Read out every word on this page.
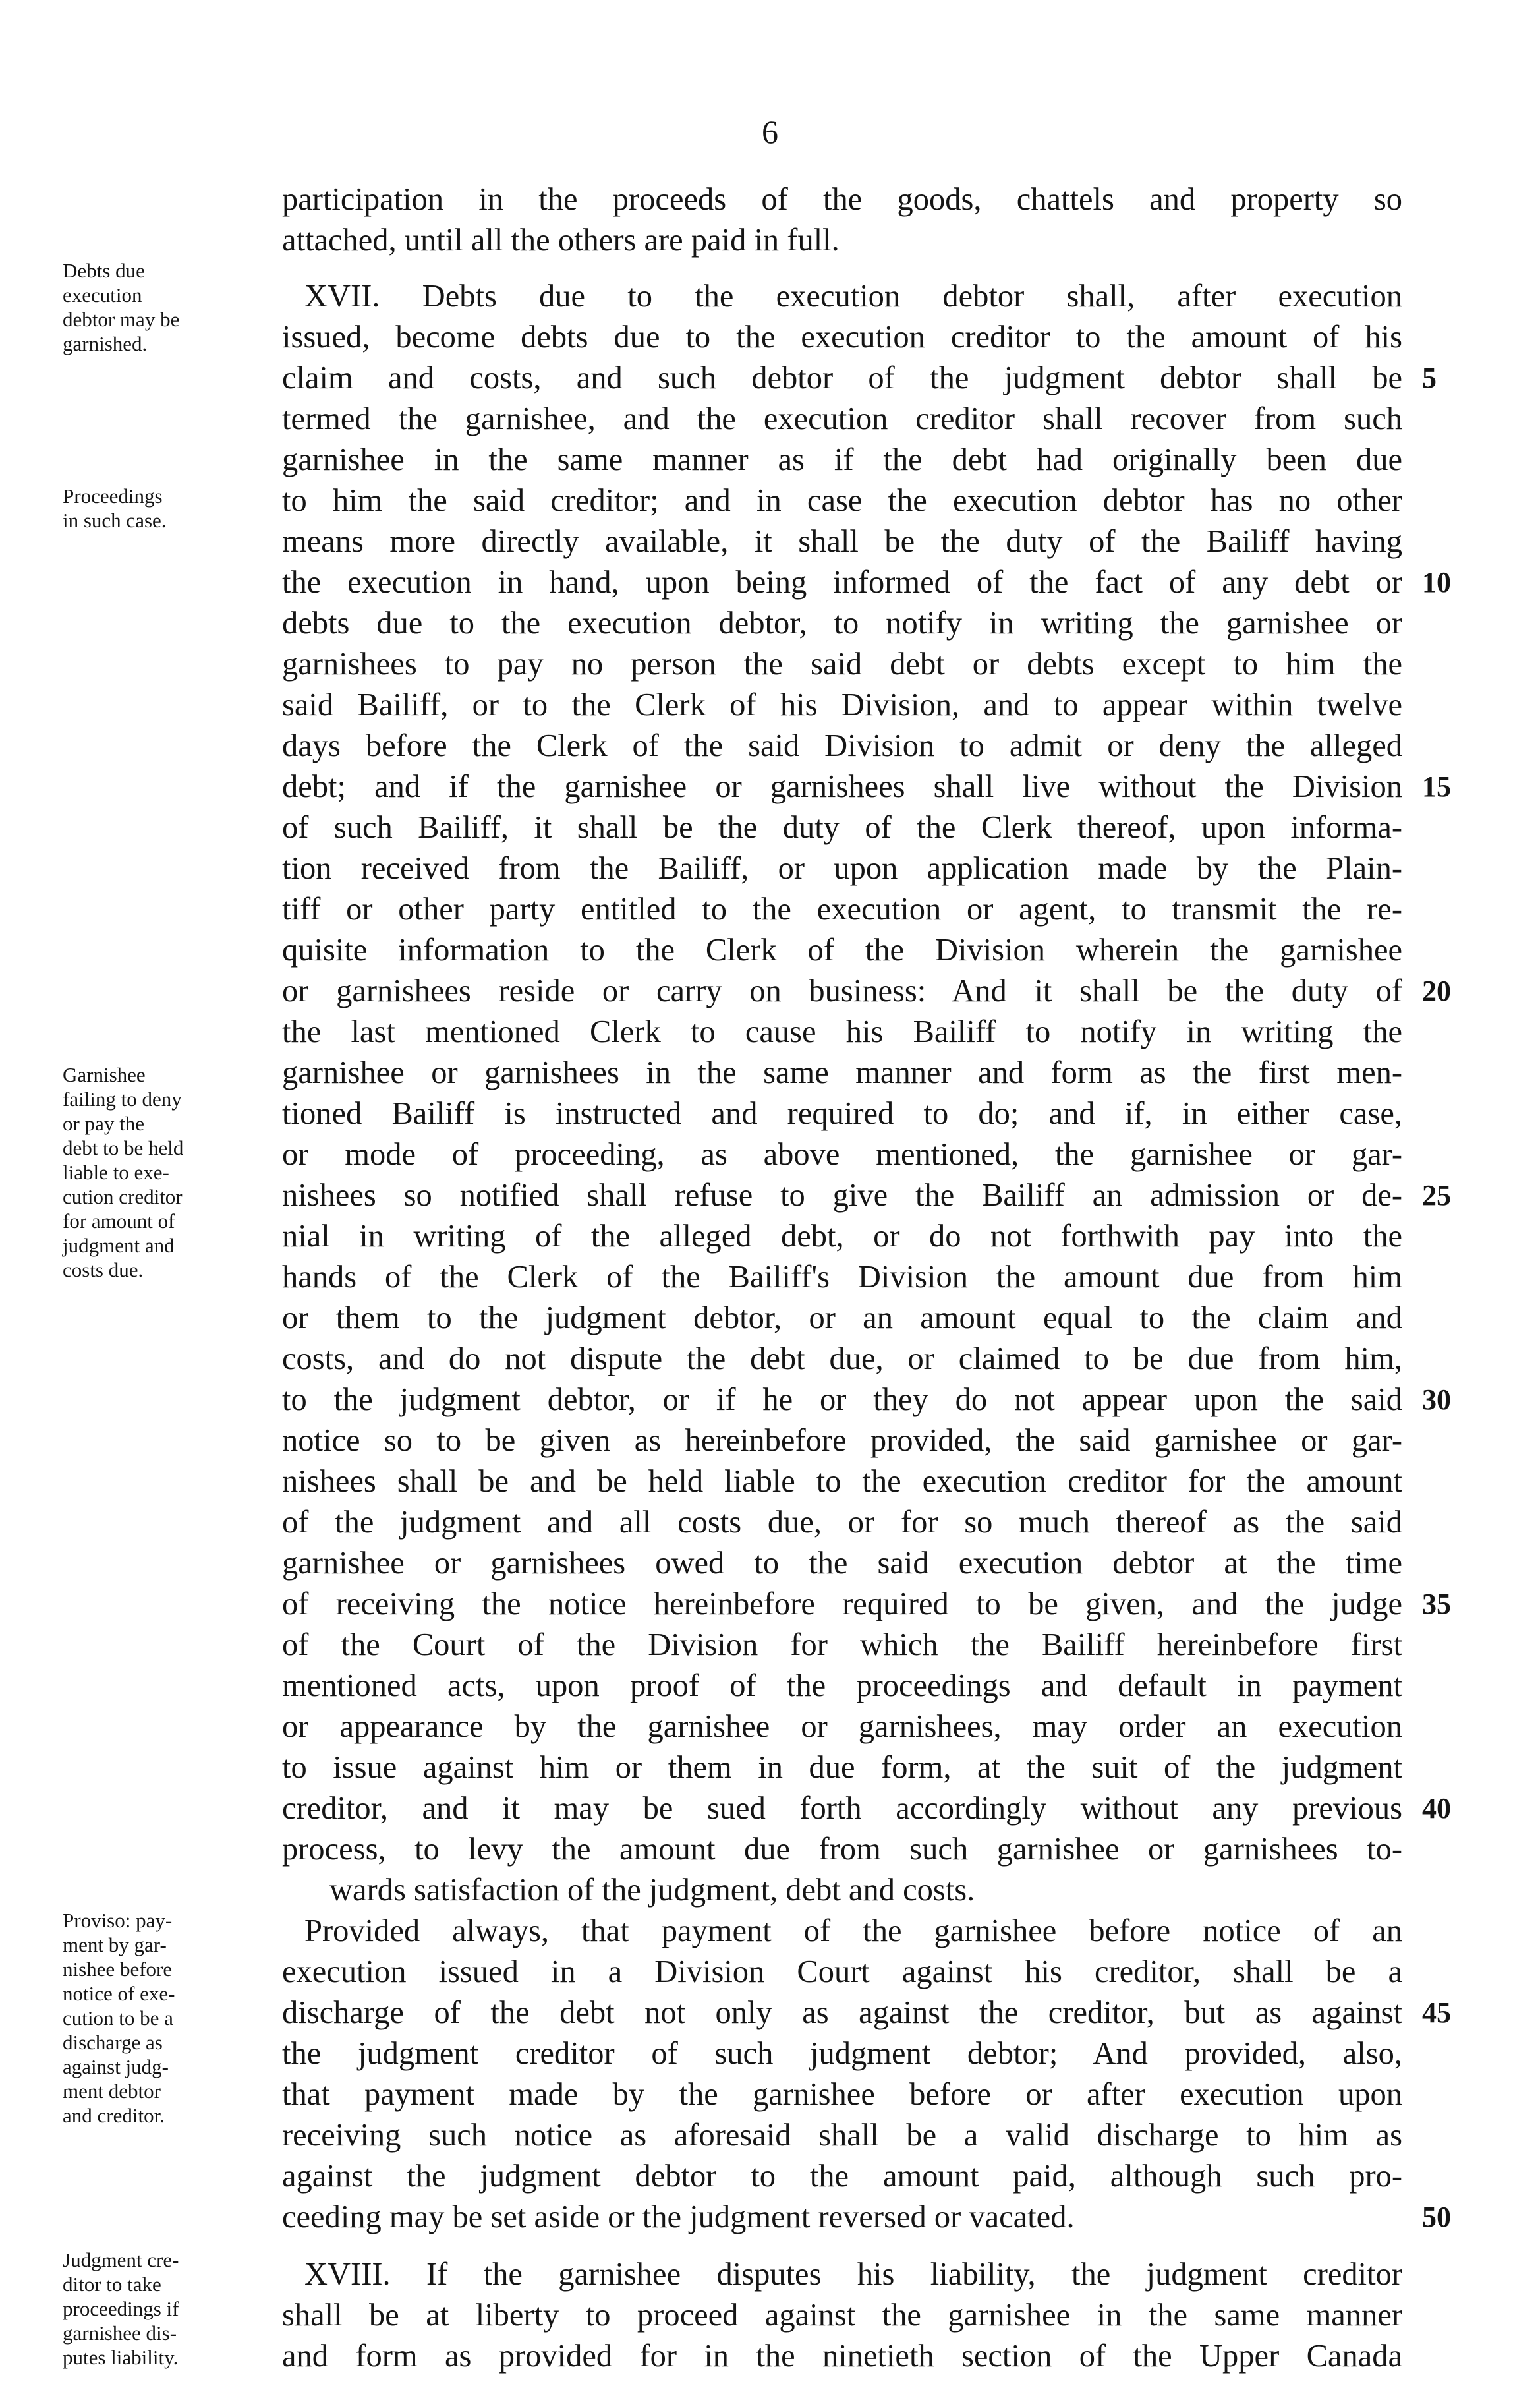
6
participation in the proceeds of the goods, chattels and property so
attached, until all the others are paid in full.
XVII. Debts due to the execution debtor shall, after execution
issued, become debts due to the execution creditor to the amount of his
claim and costs, and such debtor of the judgment debtor shall be
termed the garnishee, and the execution creditor shall recover from such
garnishee in the same manner as if the debt had originally been due
to him the said creditor; and in case the execution debtor has no other
means more directly available, it shall be the duty of the Bailiff having
the execution in hand, upon being informed of the fact of any debt or
debts due to the execution debtor, to notify in writing the garnishee or
garnishees to pay no person the said debt or debts except to him the
said Bailiff, or to the Clerk of his Division, and to appear within twelve
days before the Clerk of the said Division to admit or deny the alleged
debt; and if the garnishee or garnishees shall live without the Division
of such Bailiff, it shall be the duty of the Clerk thereof, upon informa-
tion received from the Bailiff, or upon application made by the Plain-
tiff or other party entitled to the execution or agent, to transmit the re-
quisite information to the Clerk of the Division wherein the garnishee
or garnishees reside or carry on business: And it shall be the duty of
the last mentioned Clerk to cause his Bailiff to notify in writing the
garnishee or garnishees in the same manner and form as the first men-
tioned Bailiff is instructed and required to do; and if, in either case,
or mode of proceeding, as above mentioned, the garnishee or gar-
nishees so notified shall refuse to give the Bailiff an admission or de-
nial in writing of the alleged debt, or do not forthwith pay into the
hands of the Clerk of the Bailiff's Division the amount due from him
or them to the judgment debtor, or an amount equal to the claim and
costs, and do not dispute the debt due, or claimed to be due from him,
to the judgment debtor, or if he or they do not appear upon the said
notice so to be given as hereinbefore provided, the said garnishee or gar-
nishees shall be and be held liable to the execution creditor for the amount
of the judgment and all costs due, or for so much thereof as the said
garnishee or garnishees owed to the said execution debtor at the time
of receiving the notice hereinbefore required to be given, and the judge
of the Court of the Division for which the Bailiff hereinbefore first
mentioned acts, upon proof of the proceedings and default in payment
or appearance by the garnishee or garnishees, may order an execution
to issue against him or them in due form, at the suit of the judgment
creditor, and it may be sued forth accordingly without any previous
process, to levy the amount due from such garnishee or garnishees to-
wards satisfaction of the judgment, debt and costs.
Provided always, that payment of the garnishee before notice of an
execution issued in a Division Court against his creditor, shall be a
discharge of the debt not only as against the creditor, but as against
the judgment creditor of such judgment debtor; And provided, also,
that payment made by the garnishee before or after execution upon
receiving such notice as aforesaid shall be a valid discharge to him as
against the judgment debtor to the amount paid, although such pro-
ceeding may be set aside or the judgment reversed or vacated.
XVIII. If the garnishee disputes his liability, the judgment creditor
shall be at liberty to proceed against the garnishee in the same manner
and form as provided for in the ninetieth section of the Upper Canada
5
10
15
20
25
30
35
40
45
50
Debts due
execution
debtor may be
garnished.
Proceedings
in such case.
Garnishee
failing to deny
or pay the
debt to be held
liable to exe-
cution creditor
for amount of
judgment and
costs due.
Proviso: pay-
ment by gar-
nishee before
notice of exe-
cution to be a
discharge as
against judg-
ment debtor
and creditor.
Judgment cre-
ditor to take
proceedings if
garnishee dis-
putes liability.
